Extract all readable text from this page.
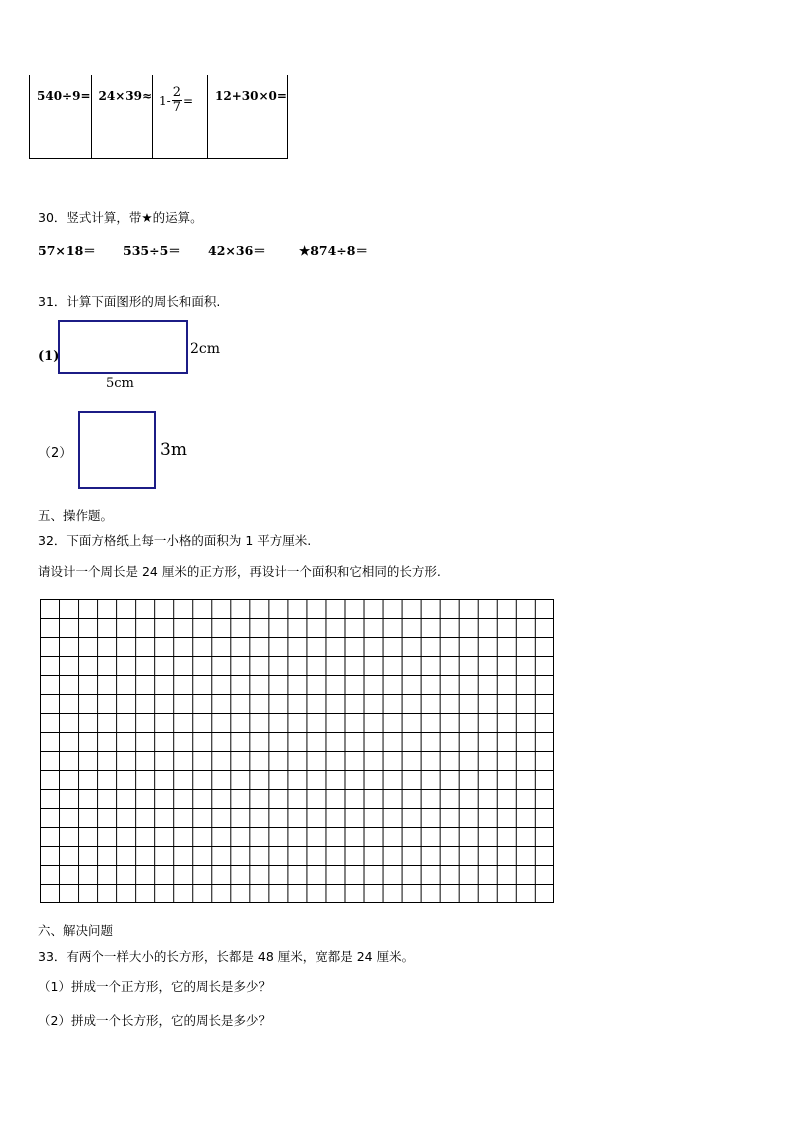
540÷9=	24×39≈	$1- \frac{2}{7}$ =	12+30×0=
30．竖式计算，带★的运算。
57×18＝ 535÷5＝ 42×36＝	★874÷8＝
31．计算下面图形的周长和面积.
(1)	2cm
5cm
（2）	3m
五、操作题。
32．下面方格纸上每一小格的面积为 1 平方厘米.
请设计一个周长是 24 厘米的正方形，再设计一个面积和它相同的长方形.
六、解决问题
33．有两个一样大小的长方形，长都是 48 厘米，宽都是 24 厘米。
（1）拼成一个正方形，它的周长是多少？
（2）拼成一个长方形，它的周长是多少？
